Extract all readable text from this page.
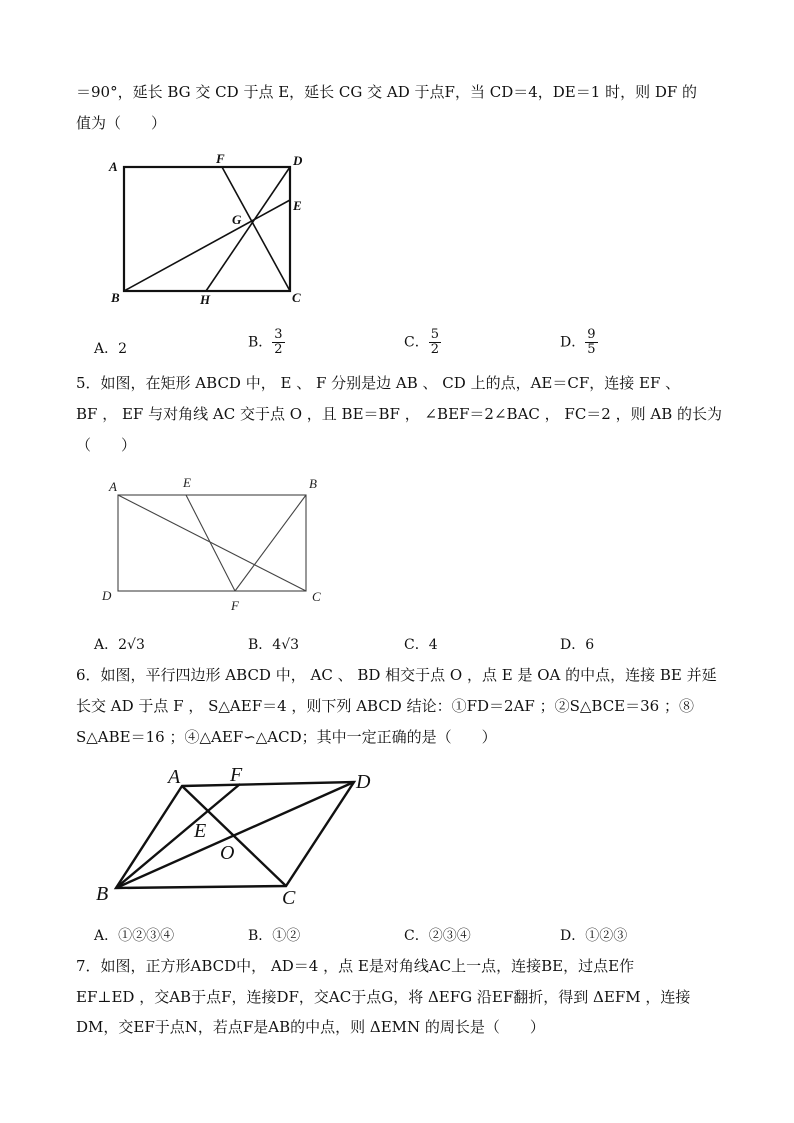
＝90°，延长 BG 交 CD 于点 E，延长 CG 交 AD 于点F，当 CD＝4，DE＝1 时，则 DF 的
值为（　　）
A
F	D
E
G
B	H	C
A．2	B． $\frac{3}{2}$	C． $\frac{5}{2}$	D． $\frac{9}{5}$
5．如图，在矩形 ABCD 中， E 、 F 分别是边 AB 、 CD 上的点，AE＝CF，连接 EF 、
BF ， EF 与对角线 AC 交于点 O ，且 BE＝BF ， ∠BEF＝2∠BAC ， FC＝2 ，则 AB 的长为
（　　）
A	E	B
D
F
C
A．2√3	B．4√3	C．4	D．6
6．如图，平行四边形 ABCD 中， AC 、 BD 相交于点 O ，点 E 是 OA 的中点，连接 BE 并延
长交 AD 于点 F ， S△AEF＝4 ，则下列 ABCD 结论：①FD＝2AF ；②S△BCE＝36 ；⑧
S△ABE＝16 ；④△AEF∽△ACD；其中一定正确的是（　　）
A F	D
E
O
B	C
A．①②③④	B．①②	C．②③④	D．①②③
7．如图，正方形ABCD中， AD＝4 ，点 E是对角线AC上一点，连接BE，过点E作
EF⊥ED ，交AB于点F，连接DF，交AC于点G，将 ΔEFG 沿EF翻折，得到 ΔEFM ，连接
DM，交EF于点N，若点F是AB的中点，则 ΔEMN 的周长是（　　）
